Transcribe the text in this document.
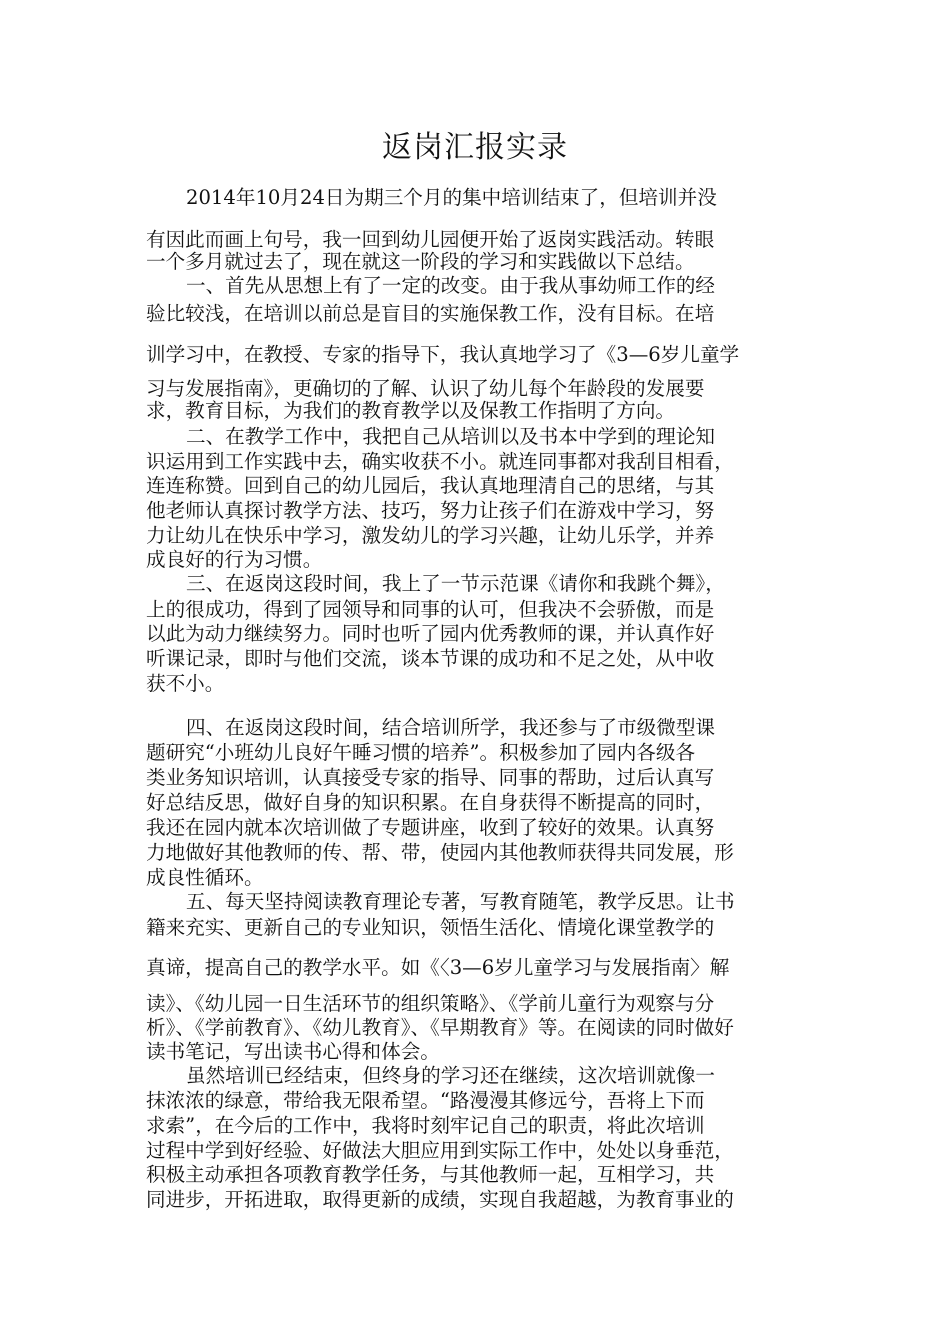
返岗汇报实录
2014年10月24日为期三个月的集中培训结束了，但培训并没
有因此而画上句号，我一回到幼儿园便开始了返岗实践活动。转眼
一个多月就过去了，现在就这一阶段的学习和实践做以下总结。
一、首先从思想上有了一定的改变。由于我从事幼师工作的经
验比较浅，在培训以前总是盲目的实施保教工作，没有目标。在培
训学习中，在教授、专家的指导下，我认真地学习了《3—6岁儿童学
习与发展指南》，更确切的了解、认识了幼儿每个年龄段的发展要
求，教育目标，为我们的教育教学以及保教工作指明了方向。
二、在教学工作中，我把自己从培训以及书本中学到的理论知
识运用到工作实践中去，确实收获不小。就连同事都对我刮目相看，
连连称赞。回到自己的幼儿园后，我认真地理清自己的思绪，与其
他老师认真探讨教学方法、技巧，努力让孩子们在游戏中学习，努
力让幼儿在快乐中学习，激发幼儿的学习兴趣，让幼儿乐学，并养
成良好的行为习惯。
三、在返岗这段时间，我上了一节示范课《请你和我跳个舞》，
上的很成功，得到了园领导和同事的认可，但我决不会骄傲，而是
以此为动力继续努力。同时也听了园内优秀教师的课，并认真作好
听课记录，即时与他们交流，谈本节课的成功和不足之处，从中收
获不小。
四、在返岗这段时间，结合培训所学，我还参与了市级微型课
题研究“小班幼儿良好午睡习惯的培养”。积极参加了园内各级各
类业务知识培训，认真接受专家的指导、同事的帮助，过后认真写
好总结反思，做好自身的知识积累。在自身获得不断提高的同时，
我还在园内就本次培训做了专题讲座，收到了较好的效果。认真努
力地做好其他教师的传、帮、带，使园内其他教师获得共同发展，形
成良性循环。
五、每天坚持阅读教育理论专著，写教育随笔，教学反思。让书
籍来充实、更新自己的专业知识，领悟生活化、情境化课堂教学的
真谛，提高自己的教学水平。如《〈3—6岁儿童学习与发展指南〉解
读》、《幼儿园一日生活环节的组织策略》、《学前儿童行为观察与分
析》、《学前教育》、《幼儿教育》、《早期教育》等。在阅读的同时做好
读书笔记，写出读书心得和体会。
虽然培训已经结束，但终身的学习还在继续，这次培训就像一
抹浓浓的绿意，带给我无限希望。“路漫漫其修远兮，吾将上下而
求索”，在今后的工作中，我将时刻牢记自己的职责，将此次培训
过程中学到好经验、好做法大胆应用到实际工作中，处处以身垂范，
积极主动承担各项教育教学任务，与其他教师一起，互相学习，共
同进步，开拓进取，取得更新的成绩，实现自我超越，为教育事业的
